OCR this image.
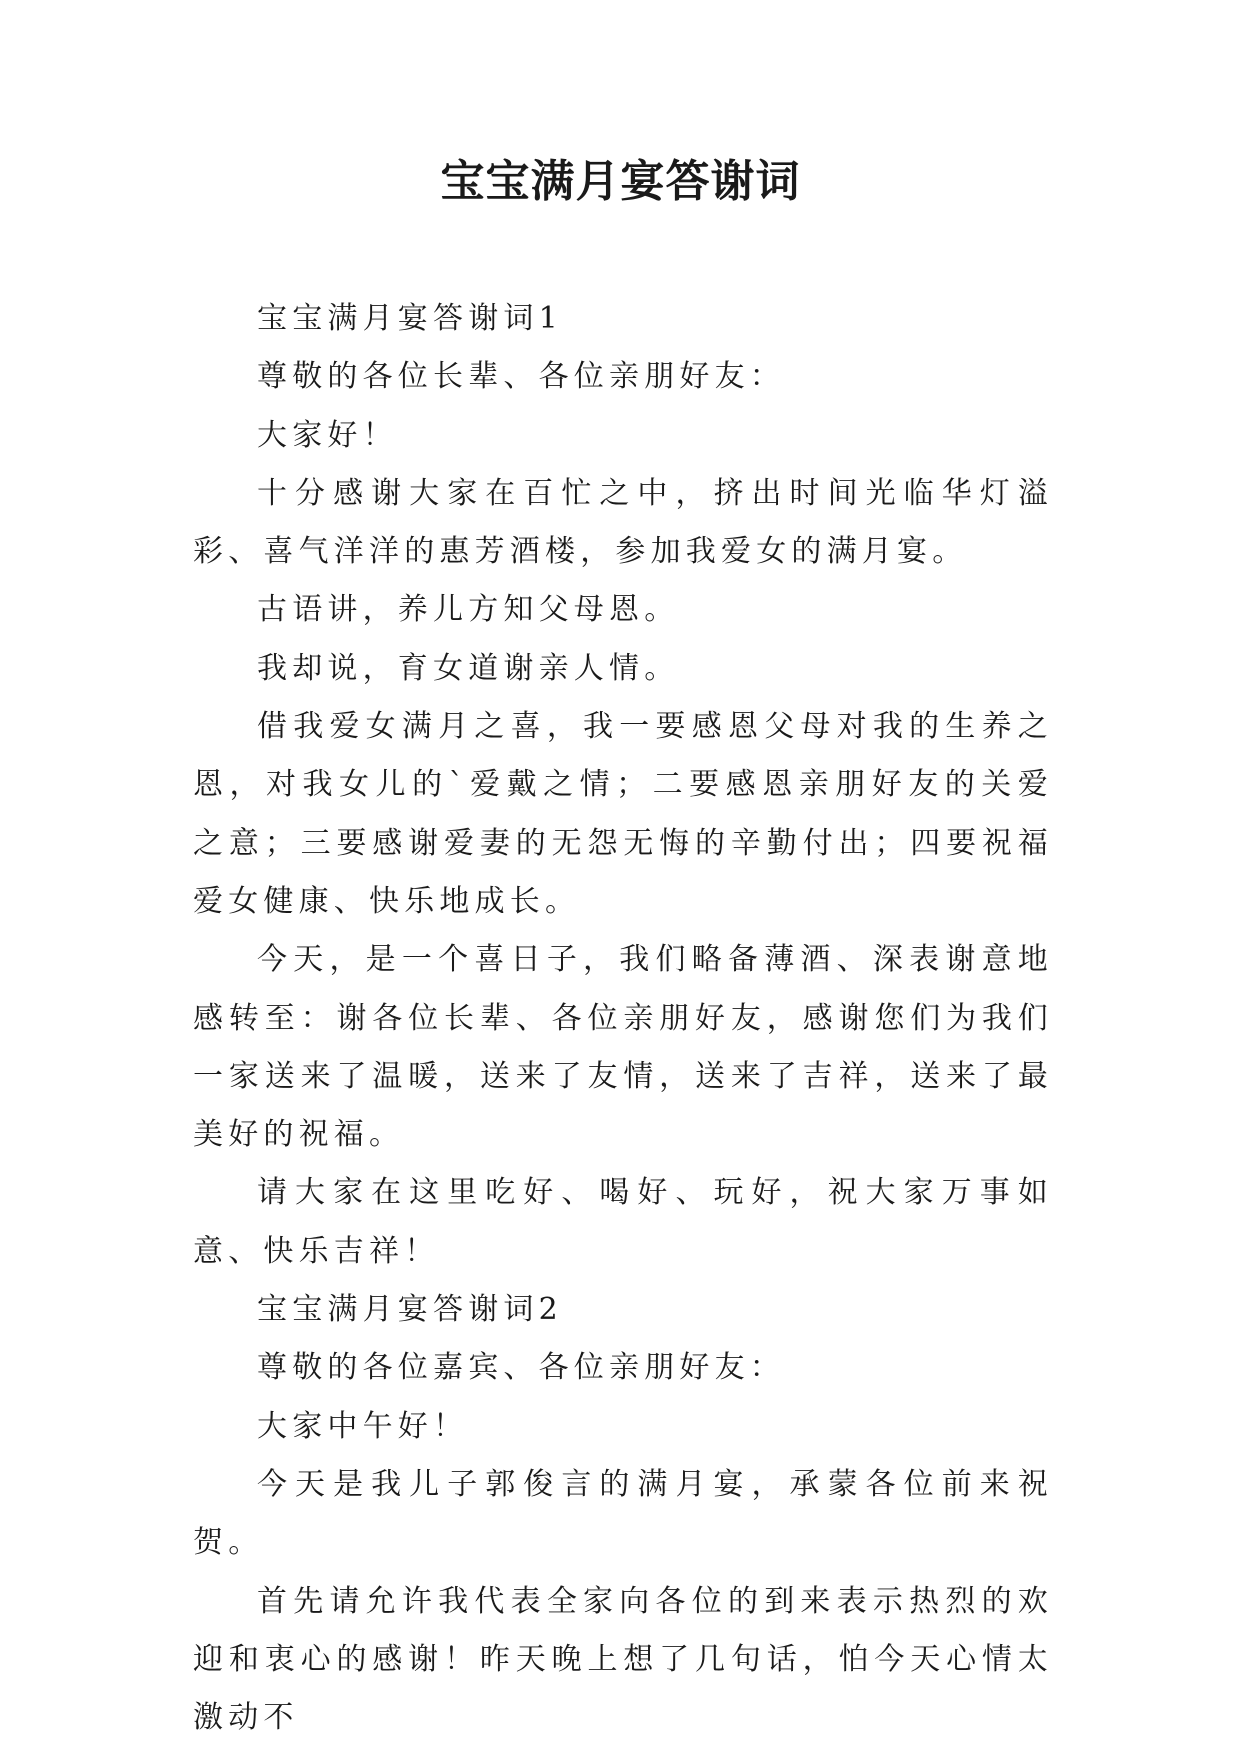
宝宝满月宴答谢词

宝宝满月宴答谢词1

尊敬的各位长辈、各位亲朋好友：

大家好！

十分感谢大家在百忙之中，挤出时间光临华灯溢彩、喜气洋洋的惠芳酒楼，参加我爱女的满月宴。

古语讲，养儿方知父母恩。

我却说，育女道谢亲人情。

借我爱女满月之喜，我一要感恩父母对我的生养之恩，对我女儿的`爱戴之情；二要感恩亲朋好友的关爱之意；三要感谢爱妻的无怨无悔的辛勤付出；四要祝福爱女健康、快乐地成长。

今天，是一个喜日子，我们略备薄酒、深表谢意地感转至：谢各位长辈、各位亲朋好友，感谢您们为我们一家送来了温暖，送来了友情，送来了吉祥，送来了最美好的祝福。

请大家在这里吃好、喝好、玩好，祝大家万事如意、快乐吉祥！

宝宝满月宴答谢词2

尊敬的各位嘉宾、各位亲朋好友：

大家中午好！

今天是我儿子郭俊言的满月宴，承蒙各位前来祝贺。

首先请允许我代表全家向各位的到来表示热烈的欢迎和衷心的感谢！昨天晚上想了几句话，怕今天心情太激动不
